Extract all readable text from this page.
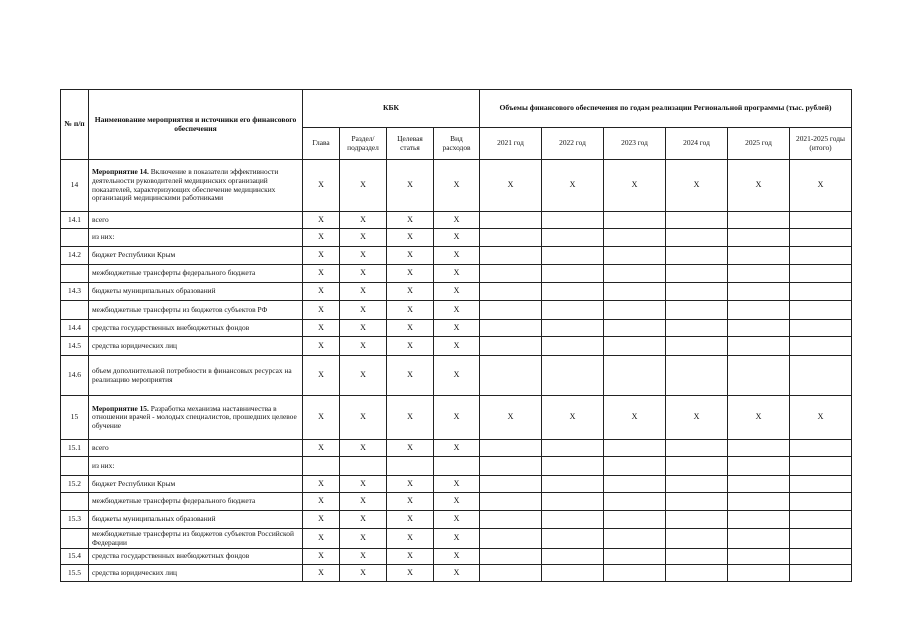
№ п/п	Наименование мероприятия и источники его финансового обеспечения	КБК				Объемы финансового обеспечения по годам реализации Региональной программы (тыс. рублей)					
		Глава	Раздел/ подраздел	Целевая статья	Вид расходов	2021 год	2022 год	2023 год	2024 год	2025 год	2021-2025 годы (итого)
14	Мероприятие 14. Включение в показатели эффективности деятельности руководителей медицинских организаций показателей, характеризующих обеспечение медицинских организаций медицинскими работниками	X	X	X	X	X	X	X	X	X	X
14.1	всего	X	X	X	X						
	из них:	X	X	X	X						
14.2	бюджет Республики Крым	X	X	X	X						
	межбюджетные трансферты федерального бюджета	X	X	X	X						
14.3	бюджеты муниципальных образований	X	X	X	X						
	межбюджетные трансферты из бюджетов субъектов РФ	X	X	X	X						
14.4	средства государственных внебюджетных фондов	X	X	X	X						
14.5	средства юридических лиц	X	X	X	X						
14.6	объем дополнительной потребности в финансовых ресурсах на реализацию мероприятия	X	X	X	X						
15	Мероприятие 15. Разработка механизма наставничества в отношении врачей - молодых специалистов, прошедших целевое обучение	X	X	X	X	X	X	X	X	X	X
15.1	всего	X	X	X	X						
	из них:										
15.2	бюджет Республики Крым	X	X	X	X						
	межбюджетные трансферты федерального бюджета	X	X	X	X						
15.3	бюджеты муниципальных образований	X	X	X	X						
	межбюджетные трансферты из бюджетов субъектов Российской Федерации	X	X	X	X						
15.4	средства государственных внебюджетных фондов	X	X	X	X						
15.5	средства юридических лиц	X	X	X	X						
